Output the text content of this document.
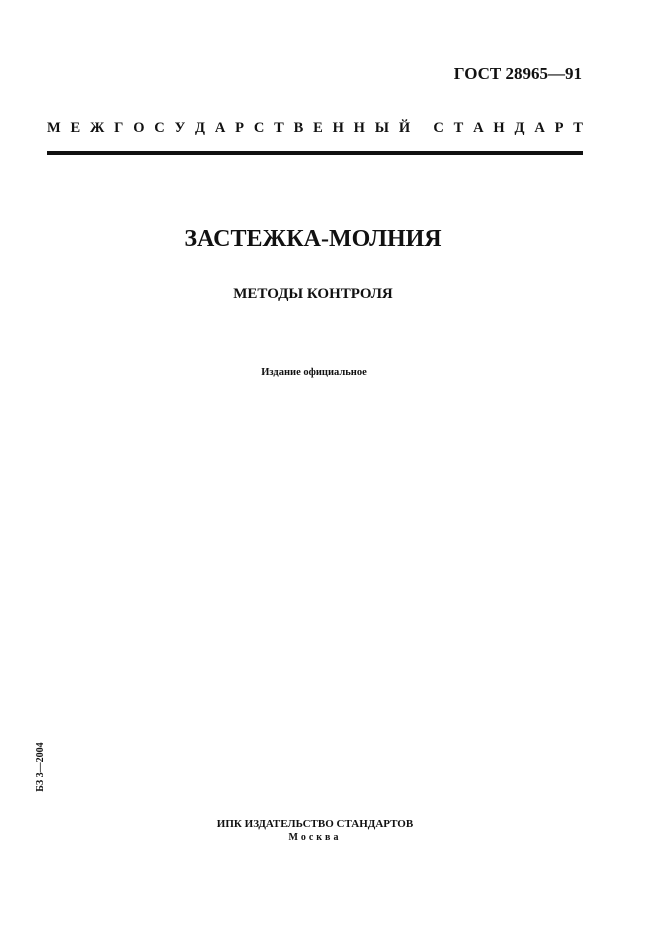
ГОСТ 28965—91
М Е Ж Г О С У Д А Р С Т В Е Н Н Ы Й
С Т А Н Д А Р Т
ЗАСТЕЖКА-МОЛНИЯ
МЕТОДЫ КОНТРОЛЯ
Издание официальное
БЗ 3—2004
ИПК ИЗДАТЕЛЬСТВО СТАНДАРТОВ
Москва
